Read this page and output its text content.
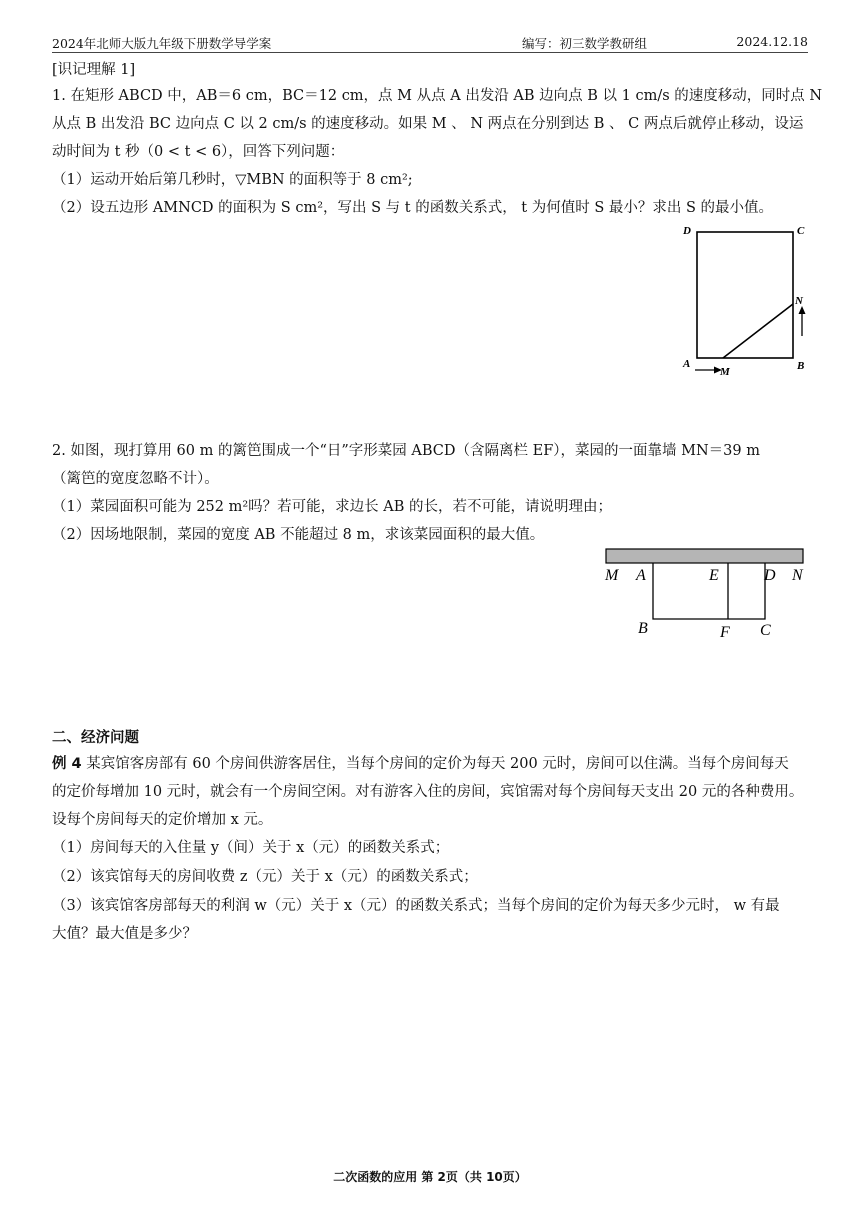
2024年北师大版九年级下册数学导学案	编写：初三数学教研组	2024.12.18
[识记理解 1]
1. 在矩形 ABCD 中，AB＝6 cm，BC＝12 cm，点 M 从点 A 出发沿 AB 边向点 B 以 1 cm/s 的速度移动，同时点 N
从点 B 出发沿 BC 边向点 C 以 2 cm/s 的速度移动。如果 M 、 N 两点在分别到达 B 、 C 两点后就停止移动，设运
动时间为 t 秒（0 < t < 6），回答下列问题：
（1）运动开始后第几秒时，▽MBN 的面积等于 8 cm²;
（2）设五边形 AMNCD 的面积为 S cm²，写出 S 与 t 的函数关系式， t 为何值时 S 最小？求出 S 的最小值。
D	C
N
A	B
M
2. 如图，现打算用 60 m 的篱笆围成一个“日”字形菜园 ABCD（含隔离栏 EF），菜园的一面靠墙 MN＝39 m
（篱笆的宽度忽略不计）。
（1）菜园面积可能为 252 m²吗？若可能，求边长 AB 的长，若不可能，请说明理由；
（2）因场地限制，菜园的宽度 AB 不能超过 8 m，求该菜园面积的最大值。
M A	E	D N
B	F C
二、经济问题
例 4 某宾馆客房部有 60 个房间供游客居住，当每个房间的定价为每天 200 元时，房间可以住满。当每个房间每天
的定价每增加 10 元时，就会有一个房间空闲。对有游客入住的房间，宾馆需对每个房间每天支出 20 元的各种费用。
设每个房间每天的定价增加 x 元。
（1）房间每天的入住量 y（间）关于 x（元）的函数关系式；
（2）该宾馆每天的房间收费 z（元）关于 x（元）的函数关系式；
（3）该宾馆客房部每天的利润 w（元）关于 x（元）的函数关系式；当每个房间的定价为每天多少元时， w 有最
大值？最大值是多少？
二次函数的应用 第 2页（共 10页）
